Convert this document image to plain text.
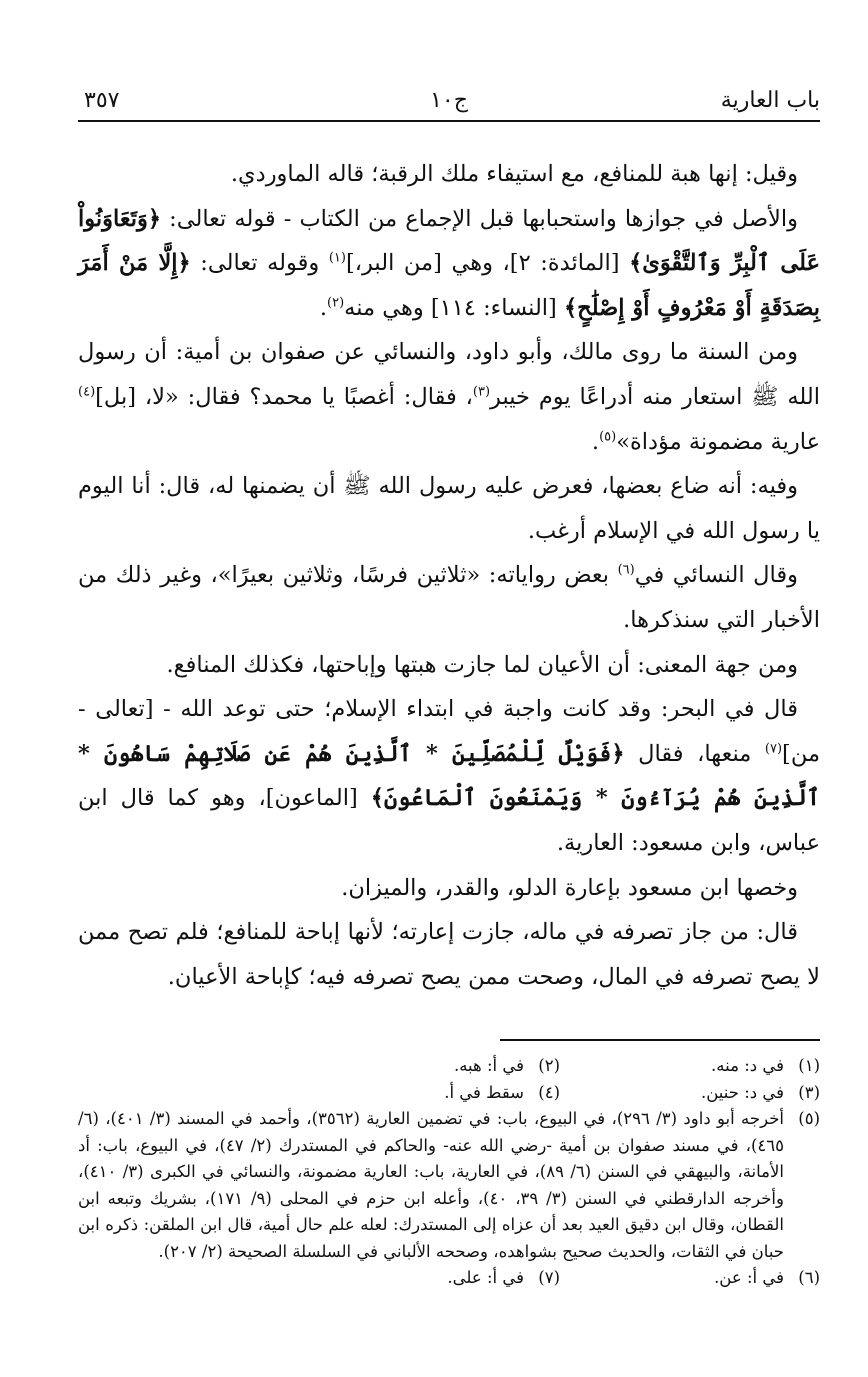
باب العارية
ج١٠
٣٥٧

وقيل: إنها هبة للمنافع، مع استيفاء ملك الرقبة؛ قاله الماوردي.

والأصل في جوازها واستحبابها قبل الإجماع من الكتاب - قوله تعالى: ﴿وَتَعَاوَنُواْ عَلَى ٱلْبِرِّ وَٱلتَّقْوَىٰ﴾ [المائدة: ٢]، وهي [من البر،]$^{(١)}$ وقوله تعالى: ﴿إِلَّا مَنْ أَمَرَ بِصَدَقَةٍ أَوْ مَعْرُوفٍ أَوْ إِصْلَٰحٍ﴾ [النساء: ١١٤] وهي منه$^{(٢)}$.

ومن السنة ما روى مالك، وأبو داود، والنسائي عن صفوان بن أمية: أن رسول الله ﷺ استعار منه أدراعًا يوم خيبر$^{(٣)}$، فقال: أغصبًا يا محمد؟ فقال: «لا، [بل]$^{(٤)}$ عارية مضمونة مؤداة»$^{(٥)}$.

وفيه: أنه ضاع بعضها، فعرض عليه رسول الله ﷺ أن يضمنها له، قال: أنا اليوم يا رسول الله في الإسلام أرغب.

وقال النسائي في$^{(٦)}$ بعض رواياته: «ثلاثين فرسًا، وثلاثين بعيرًا»، وغير ذلك من الأخبار التي سنذكرها.

ومن جهة المعنى: أن الأعيان لما جازت هبتها وإباحتها، فكذلك المنافع.

قال في البحر: وقد كانت واجبة في ابتداء الإسلام؛ حتى توعد الله - [تعالى - من]$^{(٧)}$ منعها، فقال ﴿فَوَيْلٌ لِّلْمُصَلِّينَ * ٱلَّذِينَ هُمْ عَن صَلَاتِهِمْ سَاهُونَ * ٱلَّذِينَ هُمْ يُرَآءُونَ * وَيَمْنَعُونَ ٱلْمَاعُونَ﴾ [الماعون]، وهو كما قال ابن عباس، وابن مسعود: العارية.

وخصها ابن مسعود بإعارة الدلو، والقدر، والميزان.

قال: من جاز تصرفه في ماله، جازت إعارته؛ لأنها إباحة للمنافع؛ فلم تصح ممن لا يصح تصرفه في المال، وصحت ممن يصح تصرفه فيه؛ كإباحة الأعيان.

(١)
في د: منه.
(٢)
في أ: هبه.
(٣)
في د: حنين.
(٤)
سقط في أ.
(٥)
أخرجه أبو داود (٣/ ٢٩٦)، في البيوع، باب: في تضمين العارية (٣٥٦٢)، وأحمد في المسند (٣/ ٤٠١)، (٦/ ٤٦٥)، في مسند صفوان بن أمية -رضي الله عنه- والحاكم في المستدرك (٢/ ٤٧)، في البيوع، باب: أد الأمانة، والبيهقي في السنن (٦/ ٨٩)، في العارية، باب: العارية مضمونة، والنسائي في الكبرى (٣/ ٤١٠)، وأخرجه الدارقطني في السنن (٣/ ٣٩، ٤٠)، وأعله ابن حزم في المحلى (٩/ ١٧١)، بشريك وتبعه ابن القطان، وقال ابن دقيق العيد بعد أن عزاه إلى المستدرك: لعله علم حال أمية، قال ابن الملقن: ذكره ابن حبان في الثقات، والحديث صحيح بشواهده، وصححه الألباني في السلسلة الصحيحة (٢/ ٢٠٧).
(٦)
في أ: عن.
(٧)
في أ: على.
